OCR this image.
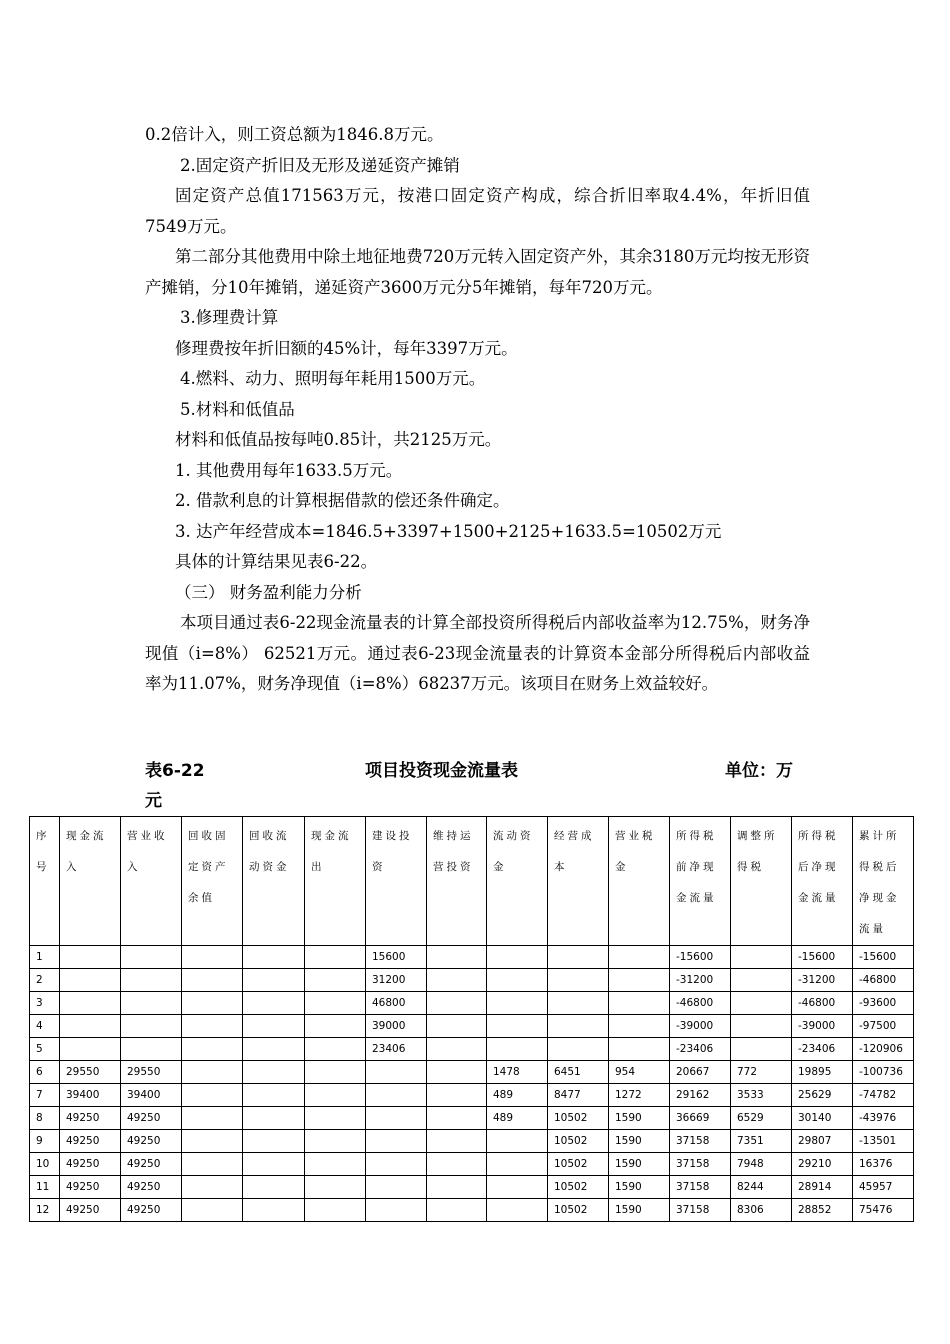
0.2倍计入，则工资总额为1846.8万元。

2.固定资产折旧及无形及递延资产摊销

固定资产总值171563万元，按港口固定资产构成，综合折旧率取4.4%，年折旧值7549万元。

第二部分其他费用中除土地征地费720万元转入固定资产外，其余3180万元均按无形资产摊销，分10年摊销，递延资产3600万元分5年摊销，每年720万元。

3.修理费计算

修理费按年折旧额的45%计，每年3397万元。

4.燃料、动力、照明每年耗用1500万元。

5.材料和低值品

材料和低值品按每吨0.85计，共2125万元。

1. 其他费用每年1633.5万元。

2. 借款利息的计算根据借款的偿还条件确定。

3. 达产年经营成本=1846.5+3397+1500+2125+1633.5=10502万元

具体的计算结果见表6-22。

（三） 财务盈利能力分析

本项目通过表6-22现金流量表的计算全部投资所得税后内部收益率为12.75%，财务净现值（i=8%） 62521万元。通过表6-23现金流量表的计算资本金部分所得税后内部收益率为11.07%，财务净现值（i=8%）68237万元。该项目在财务上效益较好。

表6-22	项目投资现金流量表	单位：万
元
序号	现金流入	营业收入	回收固定资产余值	回收流动资金	现金流出	建设投资	维持运营投资	流动资金	经营成本	营业税金	所得税前净现金流量	调整所得税	所得税后净现金流量	累计所得税后净现金流量
1						15600					-15600		-15600	-15600
2						31200					-31200		-31200	-46800
3						46800					-46800		-46800	-93600
4						39000					-39000		-39000	-97500
5						23406					-23406		-23406	-120906
6	29550	29550						1478	6451	954	20667	772	19895	-100736
7	39400	39400						489	8477	1272	29162	3533	25629	-74782
8	49250	49250						489	10502	1590	36669	6529	30140	-43976
9	49250	49250							10502	1590	37158	7351	29807	-13501
10	49250	49250							10502	1590	37158	7948	29210	16376
11	49250	49250							10502	1590	37158	8244	28914	45957
12	49250	49250							10502	1590	37158	8306	28852	75476
